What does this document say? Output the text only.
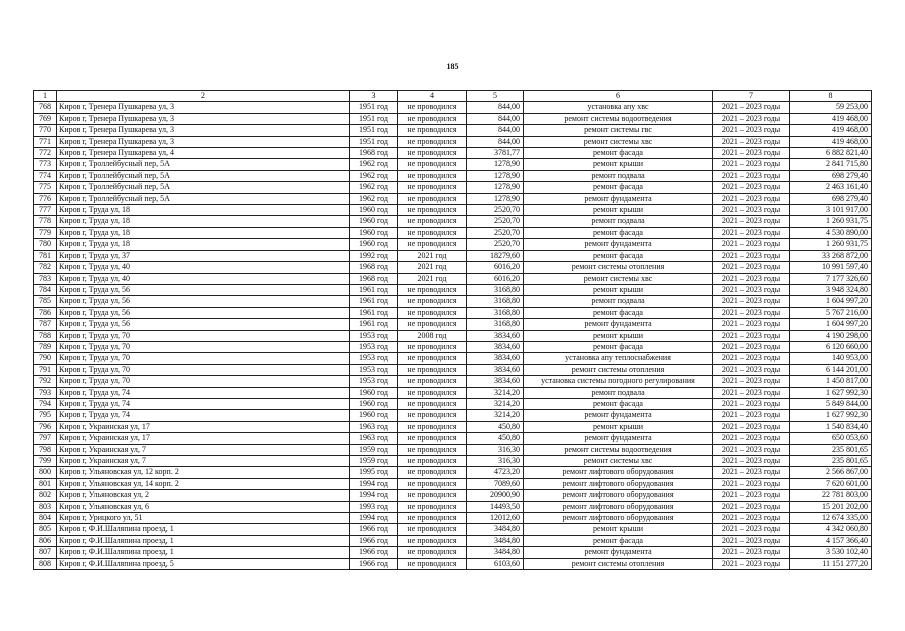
185
1	2	3	4	5	6	7	8
768	Киров г, Тренера Пушкарева ул, 3	1951 год	не проводился	844,00	установка апу хвс	2021 – 2023 годы	59 253,00
769	Киров г, Тренера Пушкарева ул, 3	1951 год	не проводился	844,00	ремонт системы водоотведения	2021 – 2023 годы	419 468,00
770	Киров г, Тренера Пушкарева ул, 3	1951 год	не проводился	844,00	ремонт системы гвс	2021 – 2023 годы	419 468,00
771	Киров г, Тренера Пушкарева ул, 3	1951 год	не проводился	844,00	ремонт системы хвс	2021 – 2023 годы	419 468,00
772	Киров г, Тренера Пушкарева ул, 4	1968 год	не проводился	3781,77	ремонт фасада	2021 – 2023 годы	6 882 821,40
773	Киров г, Троллейбусный пер, 5А	1962 год	не проводился	1278,90	ремонт крыши	2021 – 2023 годы	2 841 715,80
774	Киров г, Троллейбусный пер, 5А	1962 год	не проводился	1278,90	ремонт подвала	2021 – 2023 годы	698 279,40
775	Киров г, Троллейбусный пер, 5А	1962 год	не проводился	1278,90	ремонт фасада	2021 – 2023 годы	2 463 161,40
776	Киров г, Троллейбусный пер, 5А	1962 год	не проводился	1278,90	ремонт фундамента	2021 – 2023 годы	698 279,40
777	Киров г, Труда ул, 18	1960 год	не проводился	2520,70	ремонт крыши	2021 – 2023 годы	3 101 917,00
778	Киров г, Труда ул, 18	1960 год	не проводился	2520,70	ремонт подвала	2021 – 2023 годы	1 260 931,75
779	Киров г, Труда ул, 18	1960 год	не проводился	2520,70	ремонт фасада	2021 – 2023 годы	4 530 890,00
780	Киров г, Труда ул, 18	1960 год	не проводился	2520,70	ремонт фундамента	2021 – 2023 годы	1 260 931,75
781	Киров г, Труда ул, 37	1992 год	2021 год	18279,60	ремонт фасада	2021 – 2023 годы	33 268 872,00
782	Киров г, Труда ул, 40	1968 год	2021 год	6016,20	ремонт системы отопления	2021 – 2023 годы	10 991 597,40
783	Киров г, Труда ул, 40	1968 год	2021 год	6016,20	ремонт системы хвс	2021 – 2023 годы	7 177 326,60
784	Киров г, Труда ул, 56	1961 год	не проводился	3168,80	ремонт крыши	2021 – 2023 годы	3 948 324,80
785	Киров г, Труда ул, 56	1961 год	не проводился	3168,80	ремонт подвала	2021 – 2023 годы	1 604 997,20
786	Киров г, Труда ул, 56	1961 год	не проводился	3168,80	ремонт фасада	2021 – 2023 годы	5 767 216,00
787	Киров г, Труда ул, 56	1961 год	не проводился	3168,80	ремонт фундамента	2021 – 2023 годы	1 604 997,20
788	Киров г, Труда ул, 70	1953 год	2008 год	3834,60	ремонт крыши	2021 – 2023 годы	4 190 298,00
789	Киров г, Труда ул, 70	1953 год	не проводился	3834,60	ремонт фасада	2021 – 2023 годы	6 120 660,00
790	Киров г, Труда ул, 70	1953 год	не проводился	3834,60	установка апу теплоснабжения	2021 – 2023 годы	140 953,00
791	Киров г, Труда ул, 70	1953 год	не проводился	3834,60	ремонт системы отопления	2021 – 2023 годы	6 144 201,00
792	Киров г, Труда ул, 70	1953 год	не проводился	3834,60	установка системы погодного регулирования	2021 – 2023 годы	1 450 817,00
793	Киров г, Труда ул, 74	1960 год	не проводился	3214,20	ремонт подвала	2021 – 2023 годы	1 627 992,30
794	Киров г, Труда ул, 74	1960 год	не проводился	3214,20	ремонт фасада	2021 – 2023 годы	5 849 844,00
795	Киров г, Труда ул, 74	1960 год	не проводился	3214,20	ремонт фундамента	2021 – 2023 годы	1 627 992,30
796	Киров г, Украинская ул, 17	1963 год	не проводился	450,80	ремонт крыши	2021 – 2023 годы	1 540 834,40
797	Киров г, Украинская ул, 17	1963 год	не проводился	450,80	ремонт фундамента	2021 – 2023 годы	650 053,60
798	Киров г, Украинская ул, 7	1959 год	не проводился	316,30	ремонт системы водоотведения	2021 – 2023 годы	235 801,65
799	Киров г, Украинская ул, 7	1959 год	не проводился	316,30	ремонт системы хвс	2021 – 2023 годы	235 801,65
800	Киров г, Ульяновская ул, 12 корп. 2	1995 год	не проводился	4723,20	ремонт лифтового оборудования	2021 – 2023 годы	2 566 867,00
801	Киров г, Ульяновская ул, 14 корп. 2	1994 год	не проводился	7089,60	ремонт лифтового оборудования	2021 – 2023 годы	7 620 601,00
802	Киров г, Ульяновская ул, 2	1994 год	не проводился	20900,90	ремонт лифтового оборудования	2021 – 2023 годы	22 781 803,00
803	Киров г, Ульяновская ул, 6	1993 год	не проводился	14493,50	ремонт лифтового оборудования	2021 – 2023 годы	15 201 202,00
804	Киров г, Урицкого ул, 51	1994 год	не проводился	12012,60	ремонт лифтового оборудования	2021 – 2023 годы	12 674 335,00
805	Киров г, Ф.И.Шаляпина проезд, 1	1966 год	не проводился	3484,80	ремонт крыши	2021 – 2023 годы	4 342 060,80
806	Киров г, Ф.И.Шаляпина проезд, 1	1966 год	не проводился	3484,80	ремонт фасада	2021 – 2023 годы	4 157 366,40
807	Киров г, Ф.И.Шаляпина проезд, 1	1966 год	не проводился	3484,80	ремонт фундамента	2021 – 2023 годы	3 530 102,40
808	Киров г, Ф.И.Шаляпина проезд, 5	1966 год	не проводился	6103,60	ремонт системы отопления	2021 – 2023 годы	11 151 277,20
